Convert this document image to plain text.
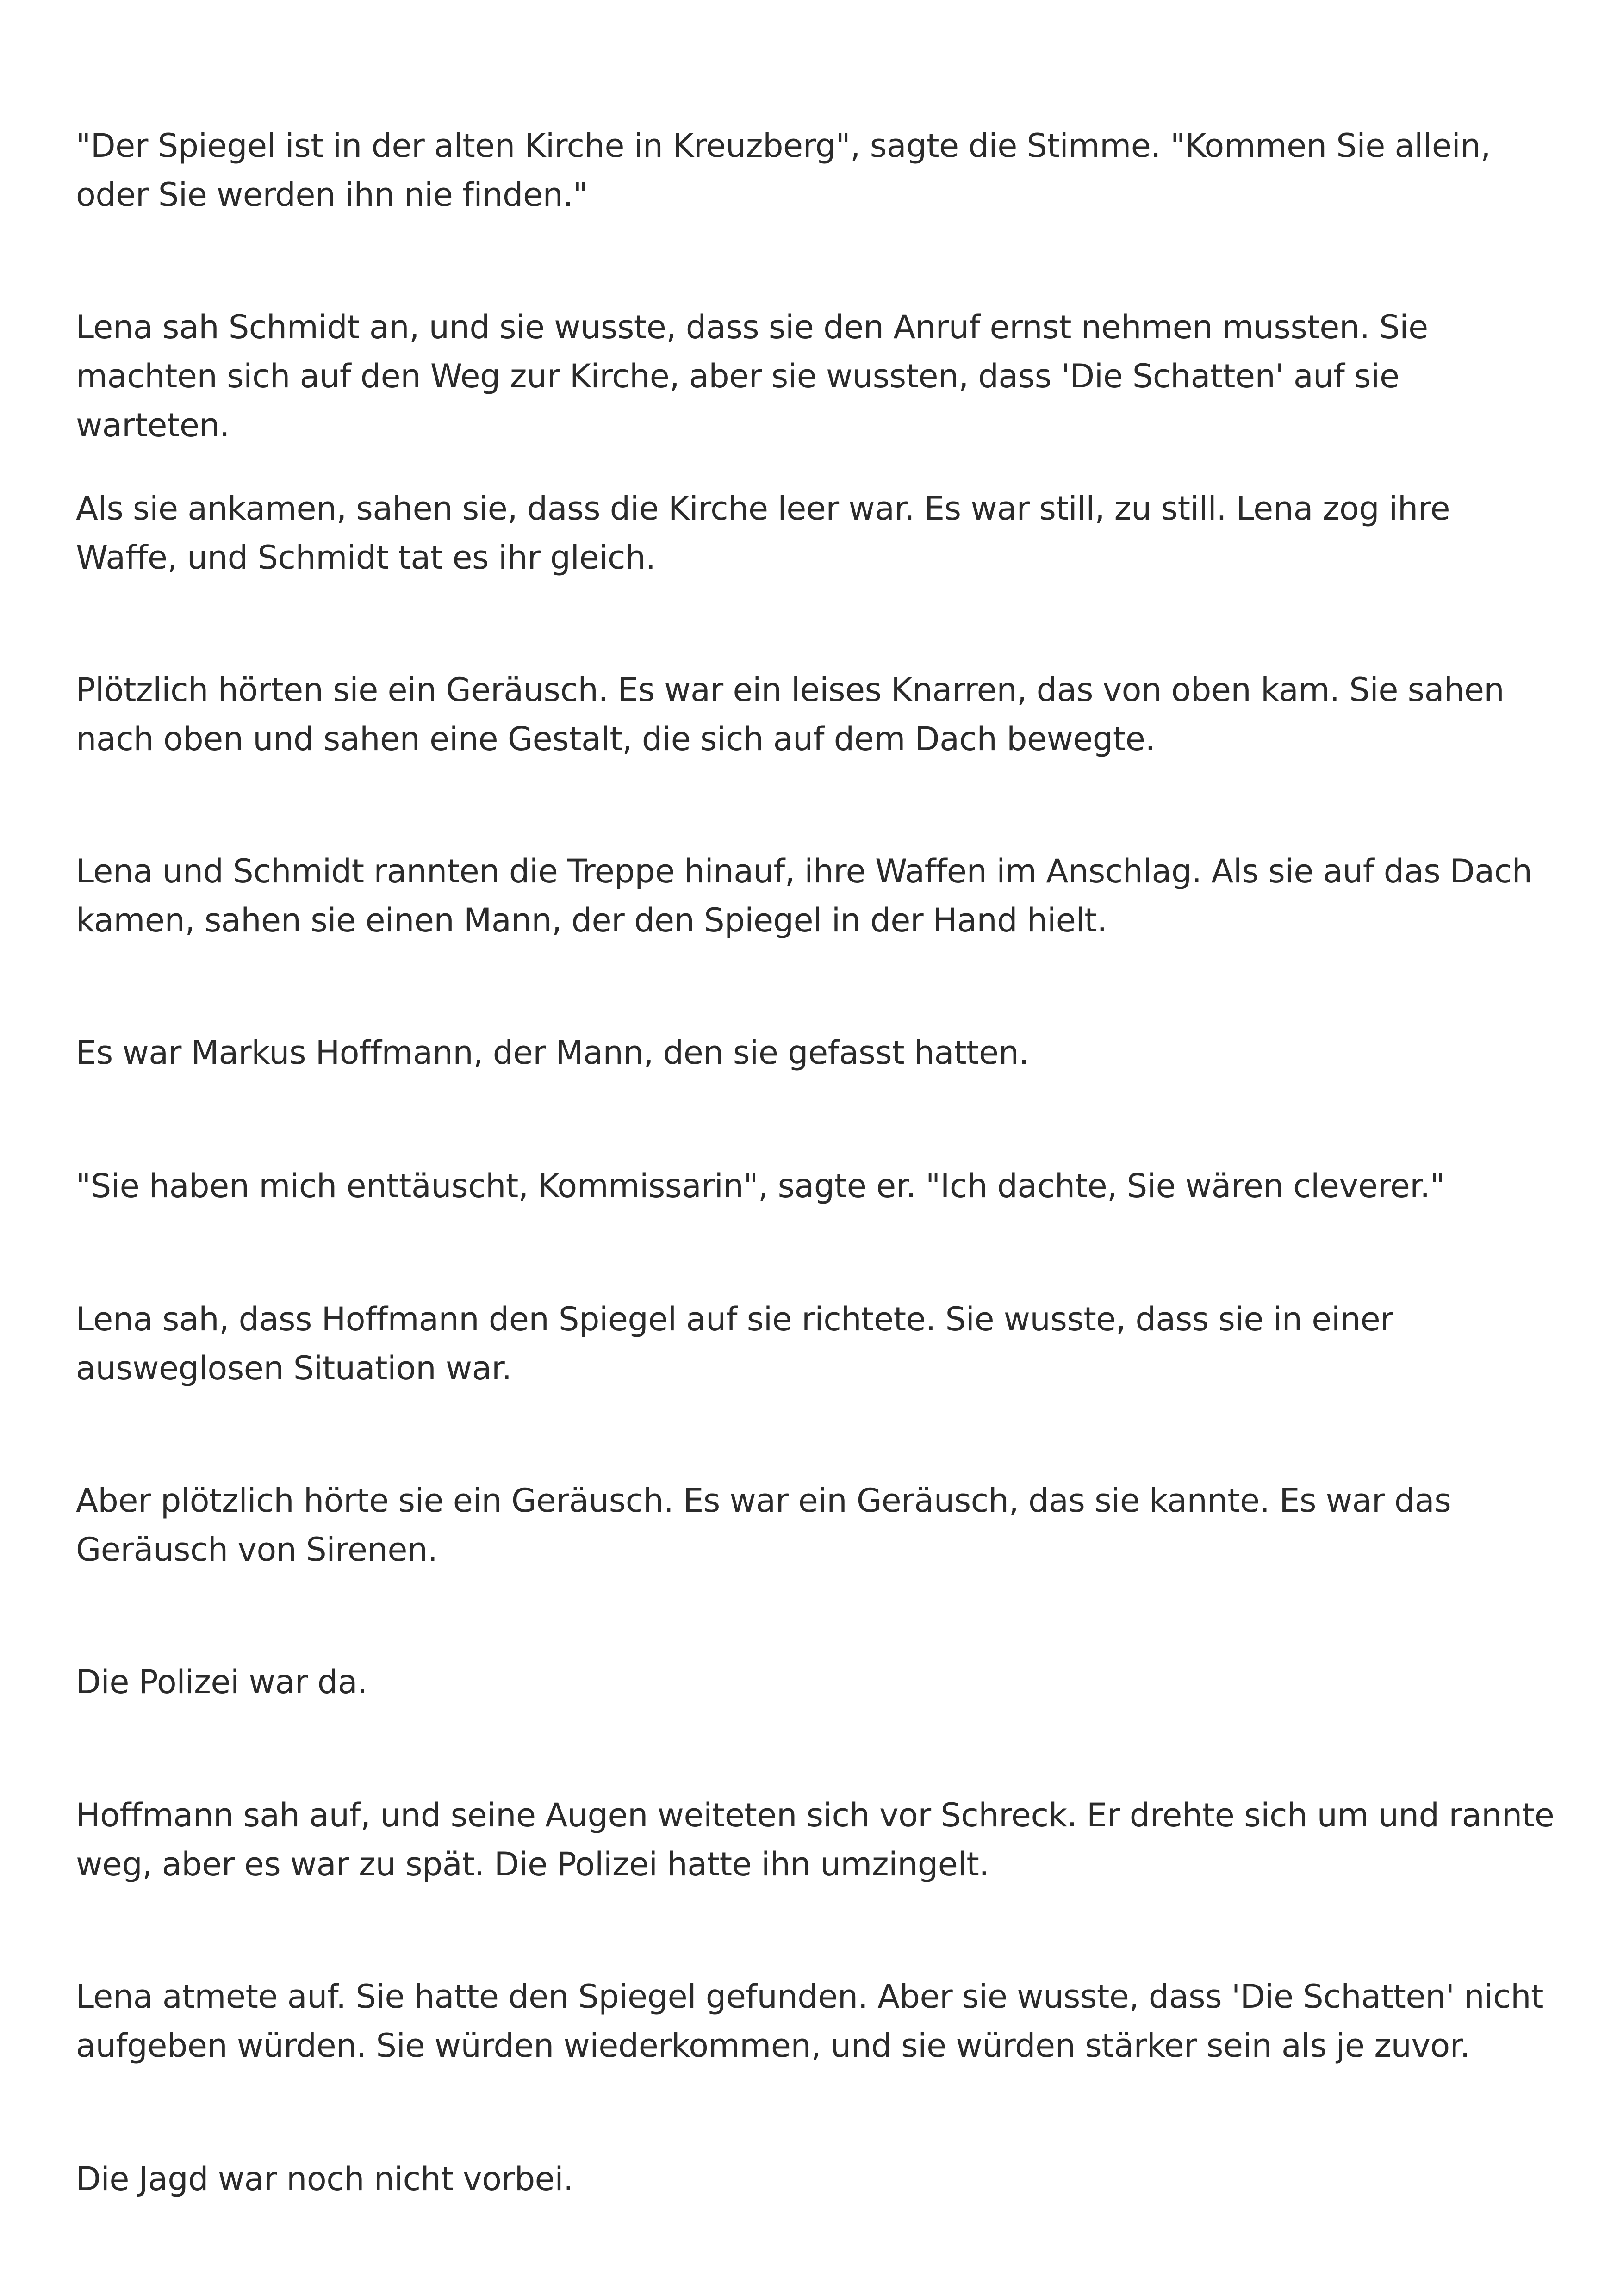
"Der Spiegel ist in der alten Kirche in Kreuzberg", sagte die Stimme. "Kommen Sie allein, oder Sie werden ihn nie finden."

Lena sah Schmidt an, und sie wusste, dass sie den Anruf ernst nehmen mussten. Sie machten sich auf den Weg zur Kirche, aber sie wussten, dass 'Die Schatten' auf sie warteten.

Als sie ankamen, sahen sie, dass die Kirche leer war. Es war still, zu still. Lena zog ihre Waffe, und Schmidt tat es ihr gleich.

Plötzlich hörten sie ein Geräusch. Es war ein leises Knarren, das von oben kam. Sie sahen nach oben und sahen eine Gestalt, die sich auf dem Dach bewegte.

Lena und Schmidt rannten die Treppe hinauf, ihre Waffen im Anschlag. Als sie auf das Dach kamen, sahen sie einen Mann, der den Spiegel in der Hand hielt.

Es war Markus Hoffmann, der Mann, den sie gefasst hatten.

"Sie haben mich enttäuscht, Kommissarin", sagte er. "Ich dachte, Sie wären cleverer."

Lena sah, dass Hoffmann den Spiegel auf sie richtete. Sie wusste, dass sie in einer ausweglosen Situation war.

Aber plötzlich hörte sie ein Geräusch. Es war ein Geräusch, das sie kannte. Es war das Geräusch von Sirenen.

Die Polizei war da.

Hoffmann sah auf, und seine Augen weiteten sich vor Schreck. Er drehte sich um und rannte weg, aber es war zu spät. Die Polizei hatte ihn umzingelt.

Lena atmete auf. Sie hatte den Spiegel gefunden. Aber sie wusste, dass 'Die Schatten' nicht aufgeben würden. Sie würden wiederkommen, und sie würden stärker sein als je zuvor.

Die Jagd war noch nicht vorbei.
